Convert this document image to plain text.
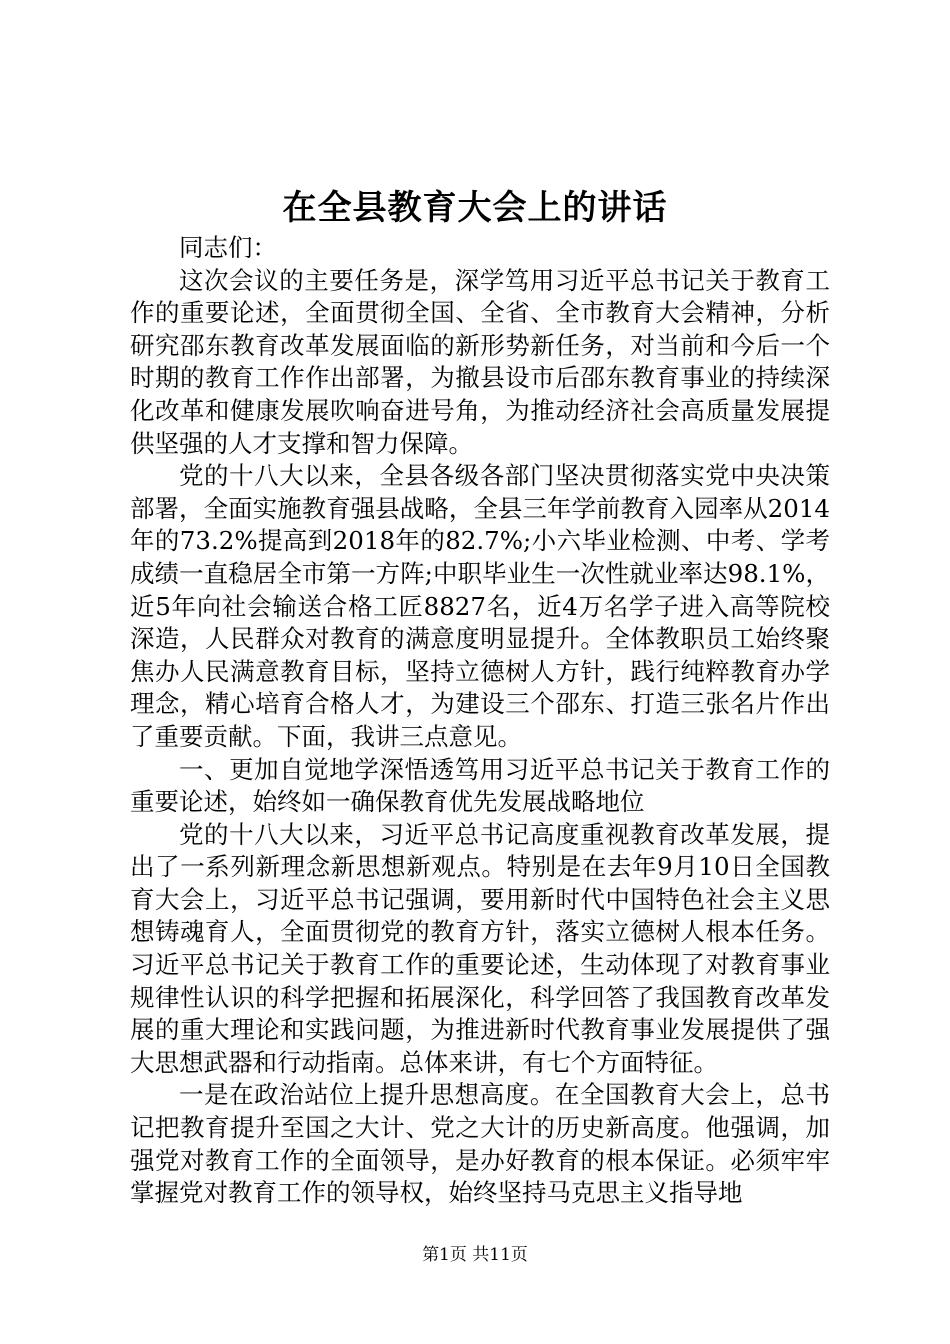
在全县教育大会上的讲话

同志们：

这次会议的主要任务是，深学笃用习近平总书记关于教育工作的重要论述，全面贯彻全国、全省、全市教育大会精神，分析研究邵东教育改革发展面临的新形势新任务，对当前和今后一个时期的教育工作作出部署，为撤县设市后邵东教育事业的持续深化改革和健康发展吹响奋进号角，为推动经济社会高质量发展提供坚强的人才支撑和智力保障。

党的十八大以来，全县各级各部门坚决贯彻落实党中央决策部署，全面实施教育强县战略，全县三年学前教育入园率从2014年的73.2%提高到2018年的82.7%;小六毕业检测、中考、学考成绩一直稳居全市第一方阵;中职毕业生一次性就业率达98.1%，近5年向社会输送合格工匠8827名，近4万名学子进入高等院校深造，人民群众对教育的满意度明显提升。全体教职员工始终聚焦办人民满意教育目标，坚持立德树人方针，践行纯粹教育办学理念，精心培育合格人才，为建设三个邵东、打造三张名片作出了重要贡献。下面，我讲三点意见。

一、更加自觉地学深悟透笃用习近平总书记关于教育工作的重要论述，始终如一确保教育优先发展战略地位

党的十八大以来，习近平总书记高度重视教育改革发展，提出了一系列新理念新思想新观点。特别是在去年9月10日全国教育大会上，习近平总书记强调，要用新时代中国特色社会主义思想铸魂育人，全面贯彻党的教育方针，落实立德树人根本任务。习近平总书记关于教育工作的重要论述，生动体现了对教育事业规律性认识的科学把握和拓展深化，科学回答了我国教育改革发展的重大理论和实践问题，为推进新时代教育事业发展提供了强大思想武器和行动指南。总体来讲，有七个方面特征。

一是在政治站位上提升思想高度。在全国教育大会上，总书记把教育提升至国之大计、党之大计的历史新高度。他强调，加强党对教育工作的全面领导，是办好教育的根本保证。必须牢牢掌握党对教育工作的领导权，始终坚持马克思主义指导地

第1页 共11页
